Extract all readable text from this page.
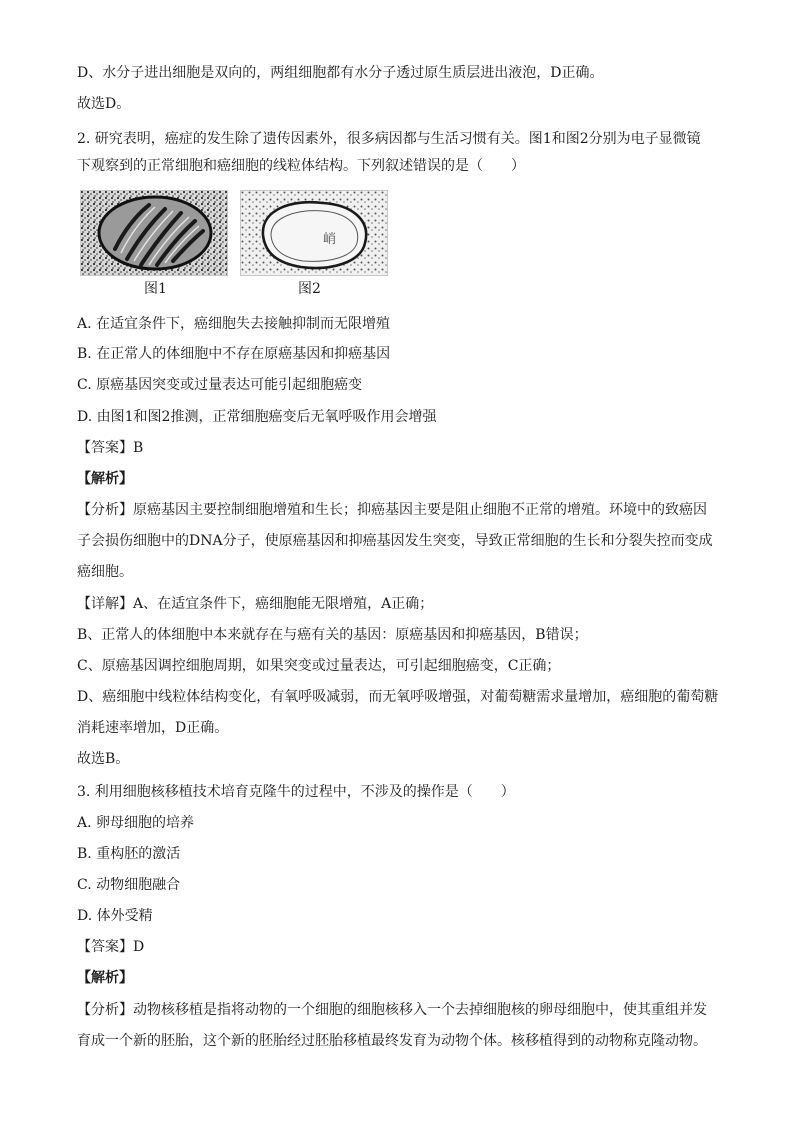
D、水分子进出细胞是双向的，两组细胞都有水分子透过原生质层进出液泡，D正确。
故选D。
2. 研究表明，癌症的发生除了遗传因素外，很多病因都与生活习惯有关。图1和图2分别为电子显微镜
下观察到的正常细胞和癌细胞的线粒体结构。下列叙述错误的是（　　）
峭
图1	图2
A. 在适宜条件下，癌细胞失去接触抑制而无限增殖
B. 在正常人的体细胞中不存在原癌基因和抑癌基因
C. 原癌基因突变或过量表达可能引起细胞癌变
D. 由图1和图2推测，正常细胞癌变后无氧呼吸作用会增强
【答案】B
【解析】
【分析】原癌基因主要控制细胞增殖和生长；抑癌基因主要是阻止细胞不正常的增殖。环境中的致癌因
子会损伤细胞中的DNA分子，使原癌基因和抑癌基因发生突变，导致正常细胞的生长和分裂失控而变成
癌细胞。
【详解】A、在适宜条件下，癌细胞能无限增殖，A正确；
B、正常人的体细胞中本来就存在与癌有关的基因：原癌基因和抑癌基因，B错误；
C、原癌基因调控细胞周期，如果突变或过量表达，可引起细胞癌变，C正确；
D、癌细胞中线粒体结构变化，有氧呼吸减弱，而无氧呼吸增强，对葡萄糖需求量增加，癌细胞的葡萄糖
消耗速率增加，D正确。
故选B。
3. 利用细胞核移植技术培育克隆牛的过程中，不涉及的操作是（　　）
A. 卵母细胞的培养
B. 重构胚的激活
C. 动物细胞融合
D. 体外受精
【答案】D
【解析】
【分析】动物核移植是指将动物的一个细胞的细胞核移入一个去掉细胞核的卵母细胞中，使其重组并发
育成一个新的胚胎，这个新的胚胎经过胚胎移植最终发育为动物个体。核移植得到的动物称克隆动物。
